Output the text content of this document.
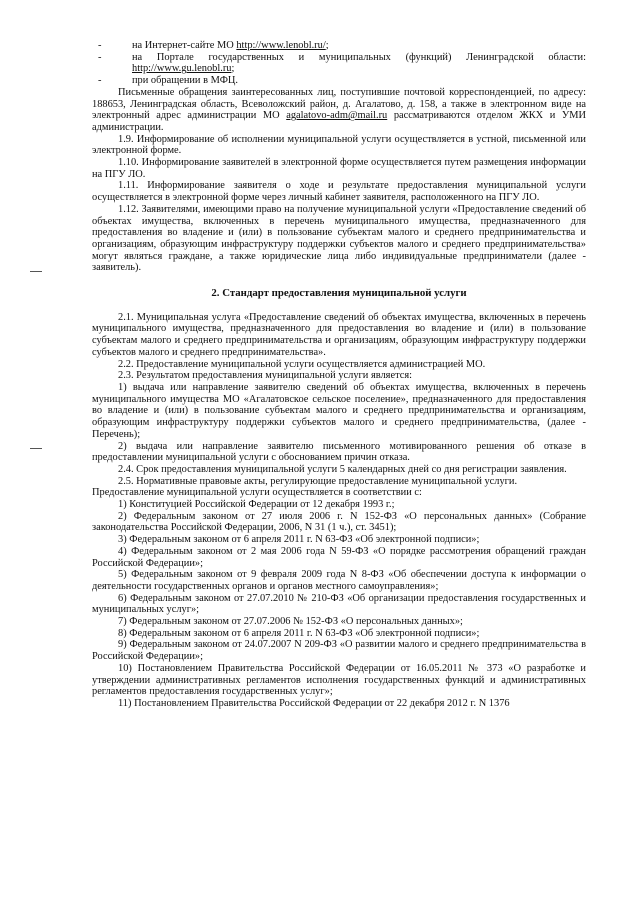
-	на Интернет-сайте МО http://www.lenobl.ru/;

-	на Портале государственных и муниципальных (функций) Ленинградской области: http://www.gu.lenobl.ru;

-	при обращении в МФЦ.

Письменные обращения заинтересованных лиц, поступившие почтовой корреспонденцией, по адресу: 188653, Ленинградская область, Всеволожский район, д. Агалатово, д. 158, а также в электронном виде на электронный адрес администрации МО agalatovo-adm@mail.ru рассматриваются отделом ЖКХ и УМИ администрации.

1.9. Информирование об исполнении муниципальной услуги осуществляется в устной, письменной или электронной форме.

1.10. Информирование заявителей в электронной форме осуществляется путем размещения информации на ПГУ ЛО.

1.11. Информирование заявителя о ходе и результате предоставления муниципальной услуги осуществляется в электронной форме через личный кабинет заявителя, расположенного на ПГУ ЛО.

1.12. Заявителями, имеющими право на получение муниципальной услуги «Предоставление сведений об объектах имущества, включенных в перечень муниципального имущества, предназначенного для предоставления во владение и (или) в пользование субъектам малого и среднего предпринимательства и организациям, образующим инфраструктуру поддержки субъектов малого и среднего предпринимательства» могут являться граждане, а также юридические лица либо индивидуальные предприниматели (далее - заявитель).

2. Стандарт предоставления муниципальной услуги

2.1. Муниципальная услуга «Предоставление сведений об объектах имущества, включенных в перечень муниципального имущества, предназначенного для предоставления во владение и (или) в пользование субъектам малого и среднего предпринимательства и организациям, образующим инфраструктуру поддержки субъектов малого и среднего предпринимательства».

2.2. Предоставление муниципальной услуги осуществляется администрацией МО.

2.3. Результатом предоставления муниципальной услуги является:

1) выдача или направление заявителю сведений об объектах имущества, включенных в перечень муниципального имущества МО «Агалатовское сельское поселение», предназначенного для предоставления во владение и (или) в пользование субъектам малого и среднего предпринимательства и организациям, образующим инфраструктуру поддержки субъектов малого и среднего предпринимательства, (далее - Перечень);

2) выдача или направление заявителю письменного мотивированного решения об отказе в предоставлении муниципальной услуги с обоснованием причин отказа.

2.4. Срок предоставления муниципальной услуги 5 календарных дней со дня регистрации заявления.

2.5. Нормативные правовые акты, регулирующие предоставление муниципальной услуги.

Предоставление муниципальной услуги осуществляется в соответствии с:

1) Конституцией Российской Федерации от 12 декабря 1993 г.;

2) Федеральным законом от 27 июля 2006 г. N 152-ФЗ «О персональных данных» (Собрание законодательства Российской Федерации, 2006, N 31 (1 ч.), ст. 3451);

3) Федеральным законом от 6 апреля 2011 г. N 63-ФЗ «Об электронной подписи»;

4) Федеральным законом от 2 мая 2006 года N 59-ФЗ «О порядке рассмотрения обращений граждан Российской Федерации»;

5) Федеральным законом от 9 февраля 2009 года N 8-ФЗ «Об обеспечении доступа к информации о деятельности государственных органов и органов местного самоуправления»;

6) Федеральным законом от 27.07.2010 № 210-ФЗ «Об организации предоставления государственных и муниципальных услуг»;

7) Федеральным законом от 27.07.2006 № 152-ФЗ «О персональных данных»;

8) Федеральным законом от 6 апреля 2011 г. N 63-ФЗ «Об электронной подписи»;

9) Федеральным законом от 24.07.2007 N 209-ФЗ «О развитии малого и среднего предпринимательства в Российской Федерации»;

10) Постановлением Правительства Российской Федерации от 16.05.2011 № 373 «О разработке и утверждении административных регламентов исполнения государственных функций и административных регламентов предоставления государственных услуг»;

11) Постановлением Правительства Российской Федерации от 22 декабря 2012 г. N 1376
